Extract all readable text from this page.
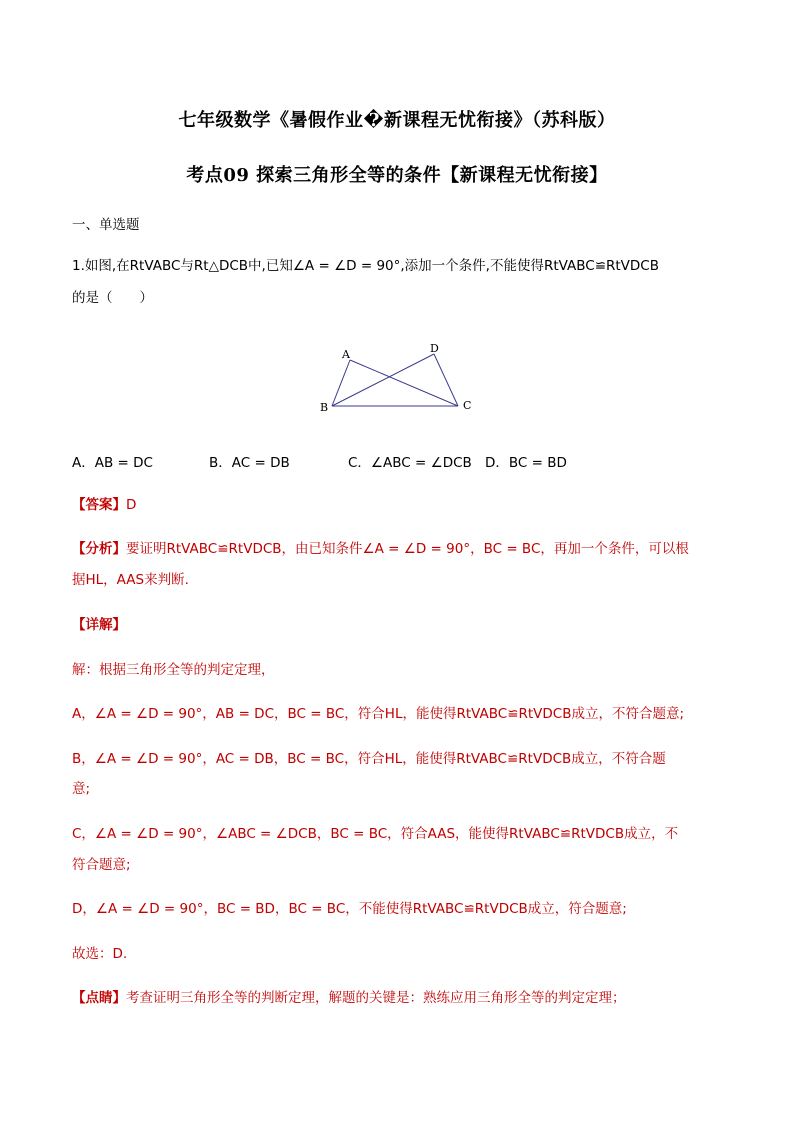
七年级数学《暑假作业�新课程无忧衔接》（苏科版）
考点09 探索三角形全等的条件【新课程无忧衔接】
一、单选题
1.如图,在RtVABC与Rt△DCB中,已知∠A = ∠D = 90°,添加一个条件,不能使得RtVABC≌RtVDCB
的是（　　）
A	D
B	C
A．AB = DC	B．AC = DB	C．∠ABC = ∠DCB D．BC = BD
【答案】D
【分析】要证明RtVABC≌RtVDCB，由已知条件∠A = ∠D = 90°，BC = BC，再加一个条件，可以根
据HL，AAS来判断.
【详解】
解：根据三角形全等的判定定理，
A，∠A = ∠D = 90°，AB = DC，BC = BC，符合HL，能使得RtVABC≌RtVDCB成立，不符合题意;
B，∠A = ∠D = 90°，AC = DB，BC = BC，符合HL，能使得RtVABC≌RtVDCB成立，不符合题
意;
C，∠A = ∠D = 90°，∠ABC = ∠DCB，BC = BC，符合AAS，能使得RtVABC≌RtVDCB成立，不
符合题意;
D，∠A = ∠D = 90°，BC = BD，BC = BC，不能使得RtVABC≌RtVDCB成立，符合题意;
故选：D.
【点睛】考查证明三角形全等的判断定理，解题的关键是：熟练应用三角形全等的判定定理；
